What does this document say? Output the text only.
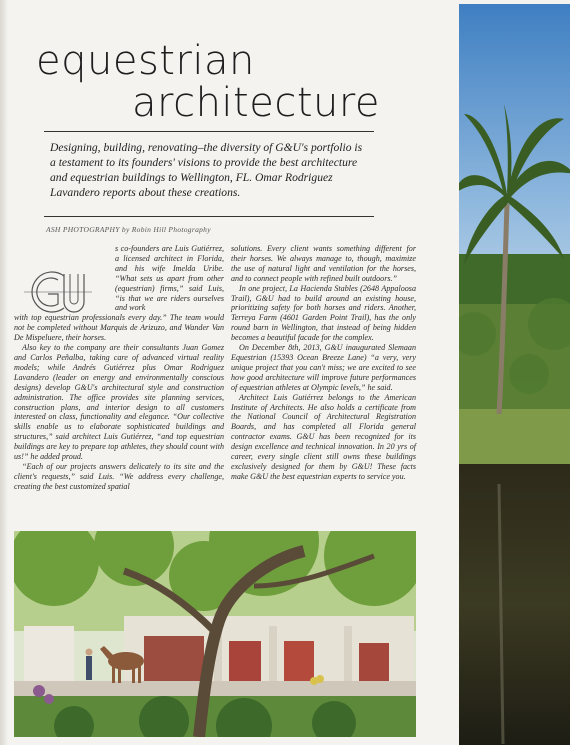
equestrian
architecture
Designing, building, renovating–the diversity of G&U's portfolio is a testament to its founders' visions to provide the best architecture and equestrian buildings to Wellington, FL. Omar Rodriguez Lavandero reports about these creations.
ASH PHOTOGRAPHY by Robin Hill Photography

s co-founders are Luis Gutiérrez, a licensed architect in Florida, and his wife Imelda Uribe. “What sets us apart from other (equestrian) firms,” said Luis, “is that we are riders ourselves and work

with top equestrian professionals every day.” The team would not be completed without Marquis de Arizuzo, and Wander Van De Mispeluere, their horses.

Also key to the company are their consultants Juan Gomez and Carlos Peñalba, taking care of advanced virtual reality models; while Andrés Gutiérrez plus Omar Rodriguez Lavandero (leader on energy and environmentally conscious designs) develop G&U's architectural style and construction administration. The office provides site planning services, construction plans, and interior design to all customers interested on class, functionality and elegance. “Our collective skills enable us to elaborate sophisticated buildings and structures,” said architect Luis Gutiérrez, “and top equestrian buildings are key to prepare top athletes, they should count with us!” he added proud.

“Each of our projects answers delicately to its site and the client's requests,” said Luis. “We address every challenge, creating the best customized spatial

solutions. Every client wants something different for their horses. We always manage to, though, maximize the use of natural light and ventilation for the horses, and to connect people with refined built outdoors.”

In one project, La Hacienda Stables (2648 Appaloosa Trail), G&U had to build around an existing house, prioritizing safety for both horses and riders. Another, Terreya Farm (4601 Garden Point Trail), has the only round barn in Wellington, that instead of being hidden becomes a beautiful facade for the complex.

On December 8th, 2013, G&U inaugurated Slemaan Equestrian (15393 Ocean Breeze Lane) “a very, very unique project that you can't miss; we are excited to see how good architecture will improve future performances of equestrian athletes at Olympic levels,” he said.

Architect Luis Gutiérrez belongs to the American Institute of Architects. He also holds a certificate from the National Council of Architectural Registration Boards, and has completed all Florida general contractor exams. G&U has been recognized for its design excellence and technical innovation. In 20 yrs of career, every single client still owns these buildings exclusively designed for them by G&U! These facts make G&U the best equestrian experts to service you.
